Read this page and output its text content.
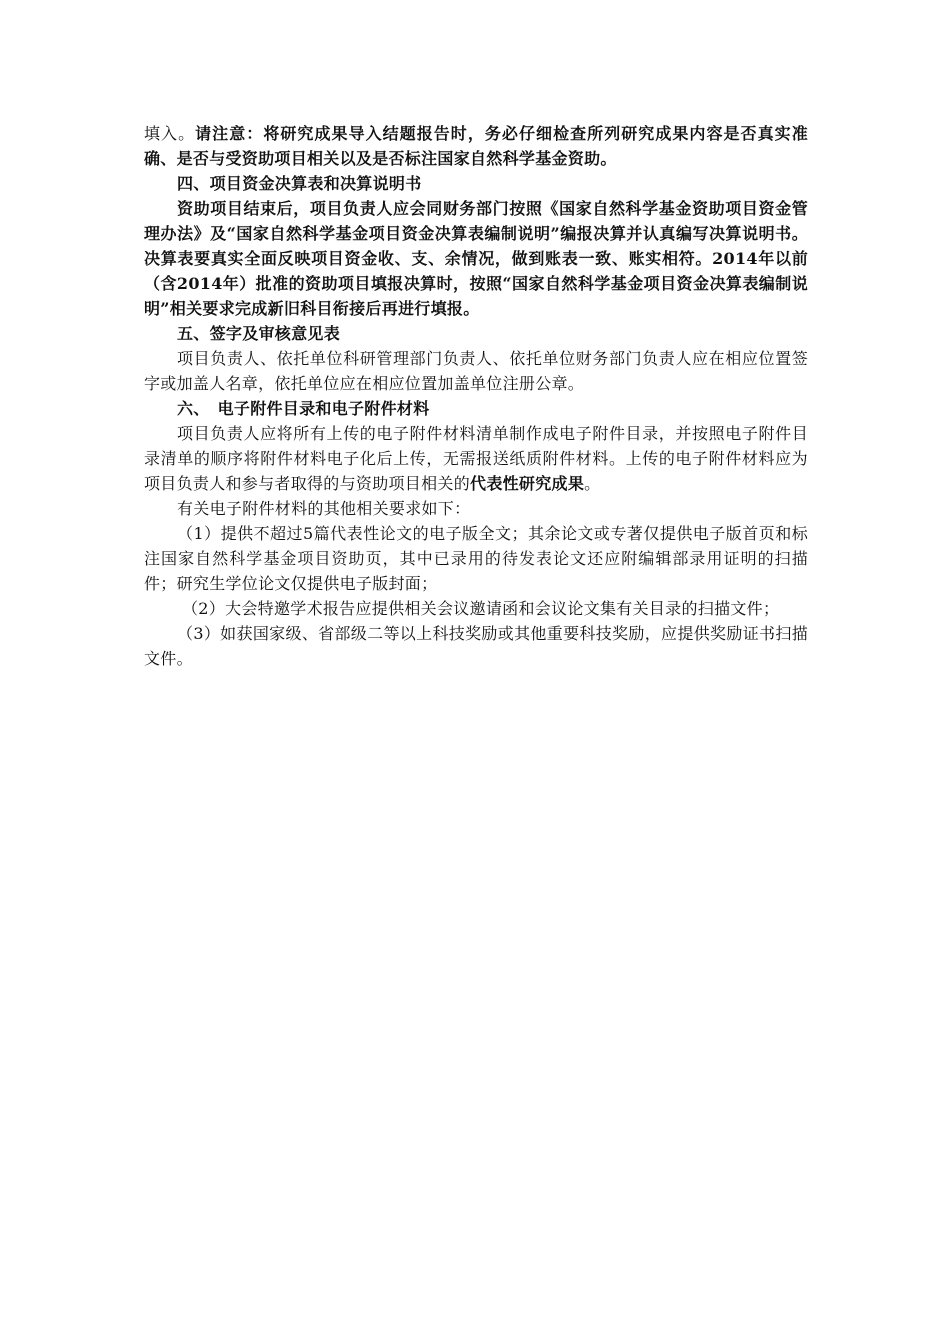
填入。请注意：将研究成果导入结题报告时，务必仔细检查所列研究成果内容是否真实准确、是否与受资助项目相关以及是否标注国家自然科学基金资助。

四、项目资金决算表和决算说明书

资助项目结束后，项目负责人应会同财务部门按照《国家自然科学基金资助项目资金管理办法》及“国家自然科学基金项目资金决算表编制说明”编报决算并认真编写决算说明书。决算表要真实全面反映项目资金收、支、余情况，做到账表一致、账实相符。2014年以前（含2014年）批准的资助项目填报决算时，按照“国家自然科学基金项目资金决算表编制说明”相关要求完成新旧科目衔接后再进行填报。

五、签字及审核意见表

项目负责人、依托单位科研管理部门负责人、依托单位财务部门负责人应在相应位置签字或加盖人名章，依托单位应在相应位置加盖单位注册公章。

六、 电子附件目录和电子附件材料

项目负责人应将所有上传的电子附件材料清单制作成电子附件目录，并按照电子附件目录清单的顺序将附件材料电子化后上传，无需报送纸质附件材料。上传的电子附件材料应为项目负责人和参与者取得的与资助项目相关的代表性研究成果。

有关电子附件材料的其他相关要求如下：

（1）提供不超过5篇代表性论文的电子版全文；其余论文或专著仅提供电子版首页和标注国家自然科学基金项目资助页，其中已录用的待发表论文还应附编辑部录用证明的扫描件；研究生学位论文仅提供电子版封面；

（2）大会特邀学术报告应提供相关会议邀请函和会议论文集有关目录的扫描文件；

（3）如获国家级、省部级二等以上科技奖励或其他重要科技奖励，应提供奖励证书扫描文件。
